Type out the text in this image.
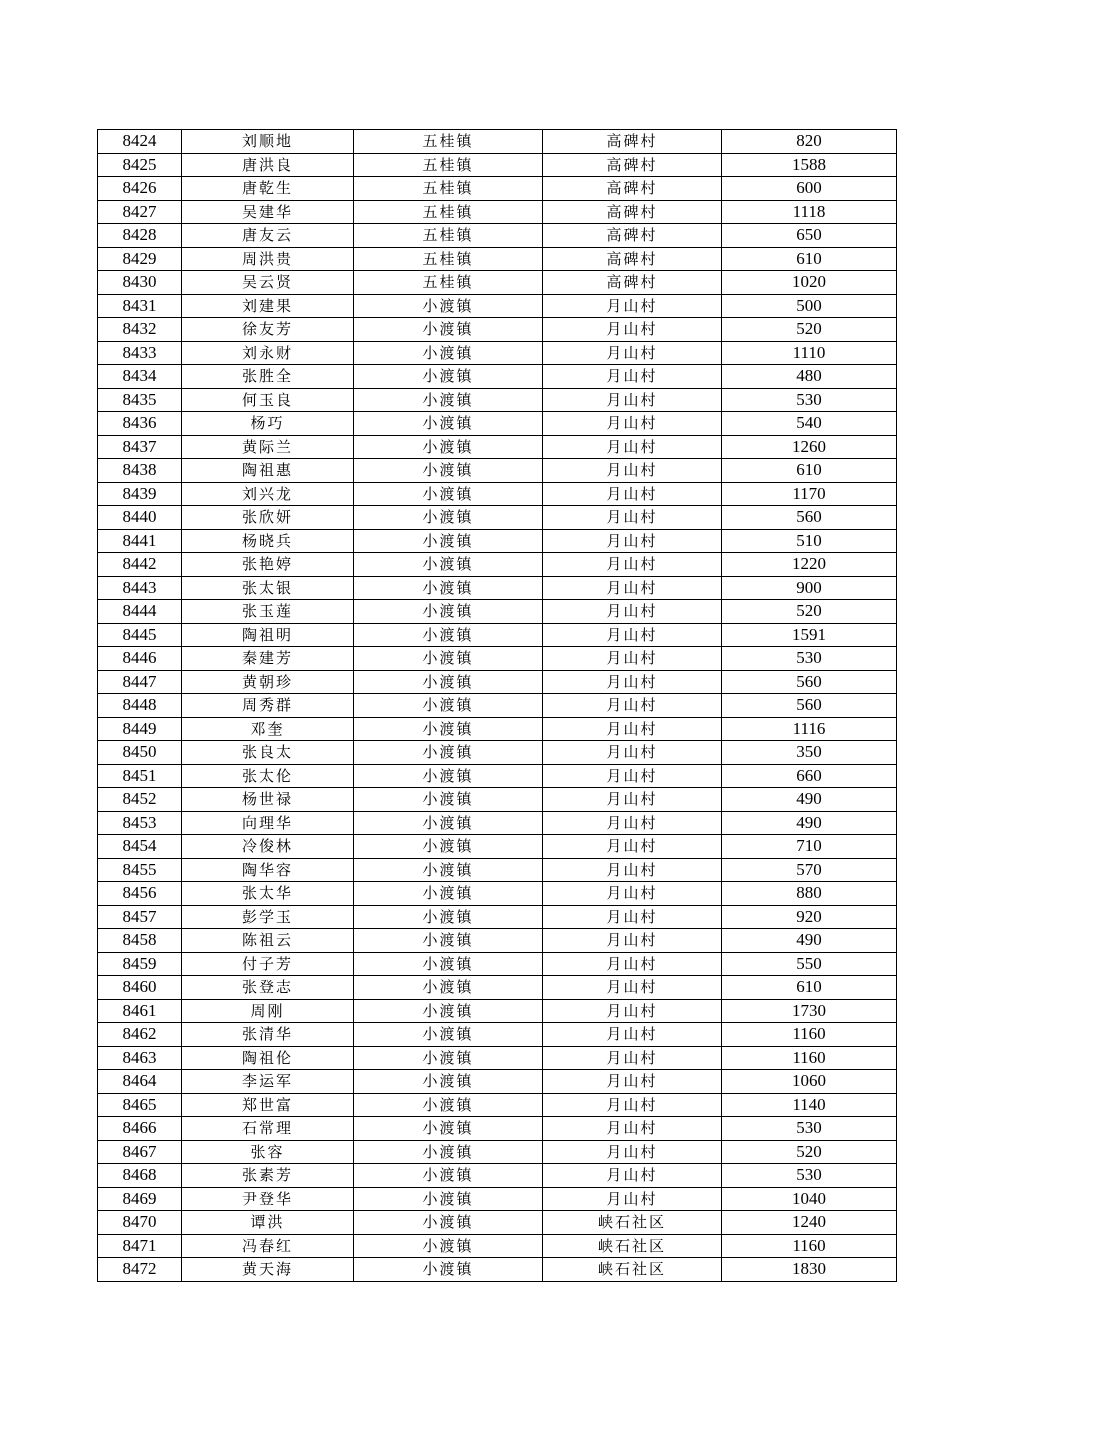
8424	刘顺地	五桂镇	高碑村	820
8425	唐洪良	五桂镇	高碑村	1588
8426	唐乾生	五桂镇	高碑村	600
8427	吴建华	五桂镇	高碑村	1118
8428	唐友云	五桂镇	高碑村	650
8429	周洪贵	五桂镇	高碑村	610
8430	吴云贤	五桂镇	高碑村	1020
8431	刘建果	小渡镇	月山村	500
8432	徐友芳	小渡镇	月山村	520
8433	刘永财	小渡镇	月山村	1110
8434	张胜全	小渡镇	月山村	480
8435	何玉良	小渡镇	月山村	530
8436	杨巧	小渡镇	月山村	540
8437	黄际兰	小渡镇	月山村	1260
8438	陶祖惠	小渡镇	月山村	610
8439	刘兴龙	小渡镇	月山村	1170
8440	张欣妍	小渡镇	月山村	560
8441	杨晓兵	小渡镇	月山村	510
8442	张艳婷	小渡镇	月山村	1220
8443	张太银	小渡镇	月山村	900
8444	张玉莲	小渡镇	月山村	520
8445	陶祖明	小渡镇	月山村	1591
8446	秦建芳	小渡镇	月山村	530
8447	黄朝珍	小渡镇	月山村	560
8448	周秀群	小渡镇	月山村	560
8449	邓奎	小渡镇	月山村	1116
8450	张良太	小渡镇	月山村	350
8451	张太伦	小渡镇	月山村	660
8452	杨世禄	小渡镇	月山村	490
8453	向理华	小渡镇	月山村	490
8454	冷俊林	小渡镇	月山村	710
8455	陶华容	小渡镇	月山村	570
8456	张太华	小渡镇	月山村	880
8457	彭学玉	小渡镇	月山村	920
8458	陈祖云	小渡镇	月山村	490
8459	付子芳	小渡镇	月山村	550
8460	张登志	小渡镇	月山村	610
8461	周刚	小渡镇	月山村	1730
8462	张清华	小渡镇	月山村	1160
8463	陶祖伦	小渡镇	月山村	1160
8464	李运军	小渡镇	月山村	1060
8465	郑世富	小渡镇	月山村	1140
8466	石常理	小渡镇	月山村	530
8467	张容	小渡镇	月山村	520
8468	张素芳	小渡镇	月山村	530
8469	尹登华	小渡镇	月山村	1040
8470	谭洪	小渡镇	峡石社区	1240
8471	冯春红	小渡镇	峡石社区	1160
8472	黄天海	小渡镇	峡石社区	1830
